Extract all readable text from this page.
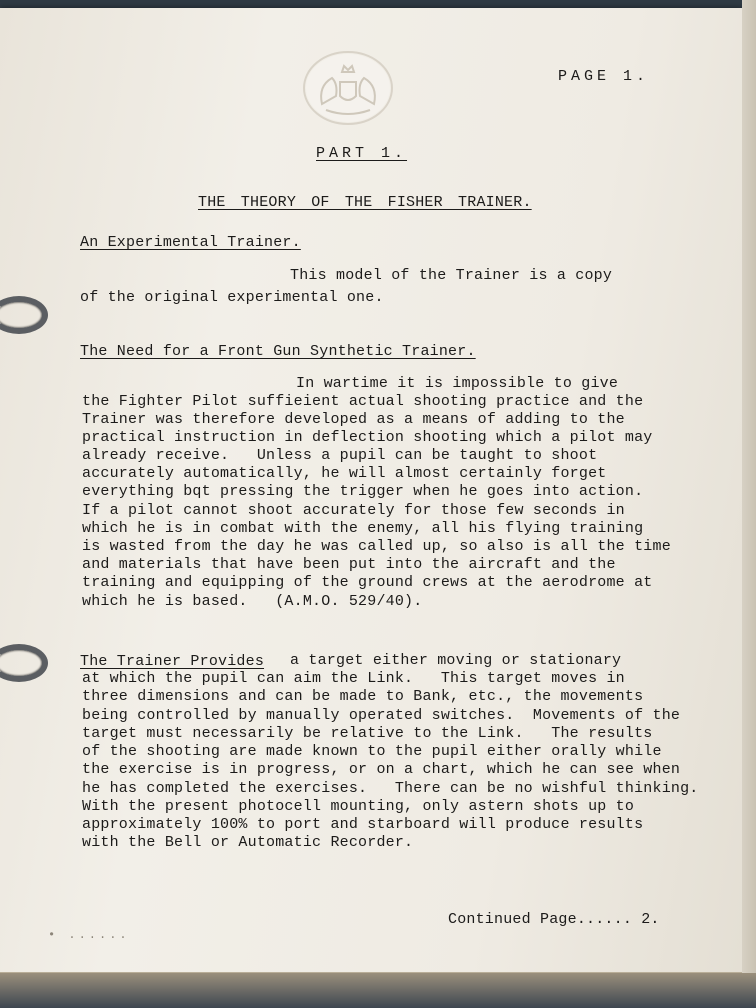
PAGE 1.
PART 1.
THE THEORY OF THE FISHER TRAINER.
An Experimental Trainer.
This model of the Trainer is a copy
of the original experimental one.
The Need for a Front Gun Synthetic Trainer.
In wartime it is impossible to give
the Fighter Pilot suffieient actual shooting practice and the
Trainer was therefore developed as a means of adding to the
practical instruction in deflection shooting which a pilot may
already receive.   Unless a pupil can be taught to shoot
accurately automatically, he will almost certainly forget
everything bqt pressing the trigger when he goes into action.
If a pilot cannot shoot accurately for those few seconds in
which he is in combat with the enemy, all his flying training
is wasted from the day he was called up, so also is all the time
and materials that have been put into the aircraft and the
training and equipping of the ground crews at the aerodrome at
which he is based.   (A.M.O. 529/40).
The Trainer Provides a target either moving or stationary
at which the pupil can aim the Link.   This target moves in
three dimensions and can be made to Bank, etc., the movements
being controlled by manually operated switches.  Movements of the
target must necessarily be relative to the Link.   The results
of the shooting are made known to the pupil either orally while
the exercise is in progress, or on a chart, which he can see when
he has completed the exercises.   There can be no wishful thinking.
With the present photocell mounting, only astern shots up to
approximately 100% to port and starboard will produce results
with the Bell or Automatic Recorder.
• ......
Continued Page...... 2.
